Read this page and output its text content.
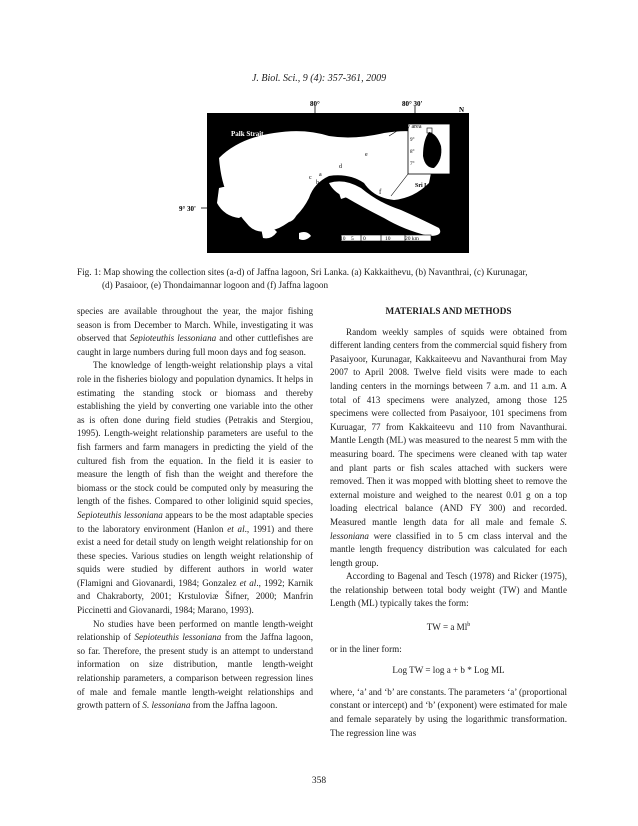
J. Biol. Sci., 9 (4): 357-361, 2009
80°	80° 30'
N
9° 30'
E	80° 81°
9°
8°
7°
Study area
Sri Lanka
Palk Strait
a
b
c
d
e
f
10 5 0	10	20 km
Fig. 1: Map showing the collection sites (a-d) of Jaffna lagoon, Sri Lanka. (a) Kakkaithevu, (b) Navanthrai, (c) Kurunagar,
(d) Pasaioor, (e) Thondaimannar logoon and (f) Jaffna lagoon

species are available throughout the year, the major fishing season is from December to March. While, investigating it was observed that Sepioteuthis lessoniana and other cuttlefishes are caught in large numbers during full moon days and fog season.

The knowledge of length-weight relationship plays a vital role in the fisheries biology and population dynamics. It helps in estimating the standing stock or biomass and thereby establishing the yield by converting one variable into the other as is often done during field studies (Petrakis and Stergiou, 1995). Length-weight relationship parameters are useful to the fish farmers and farm managers in predicting the yield of the cultured fish from the equation. In the field it is easier to measure the length of fish than the weight and therefore the biomass or the stock could be computed only by measuring the length of the fishes. Compared to other loliginid squid species, Sepioteuthis lessoniana appears to be the most adaptable species to the laboratory environment (Hanlon et al., 1991) and there exist a need for detail study on length weight relationship for on these species. Various studies on length weight relationship of squids were studied by different authors in world water (Flamigni and Giovanardi, 1984; Gonzalez et al., 1992; Karnik and Chakraborty, 2001; Krstuloviæ Šifner, 2000; Manfrin Piccinetti and Giovanardi, 1984; Marano, 1993).

No studies have been performed on mantle length-weight relationship of Sepioteuthis lessoniana from the Jaffna lagoon, so far. Therefore, the present study is an attempt to understand information on size distribution, mantle length-weight relationship parameters, a comparison between regression lines of male and female mantle length-weight relationships and growth pattern of S. lessoniana from the Jaffna lagoon.

MATERIALS AND METHODS

Random weekly samples of squids were obtained from different landing centers from the commercial squid fishery from Pasaiyoor, Kurunagar, Kakkaiteevu and Navanthurai from May 2007 to April 2008. Twelve field visits were made to each landing centers in the mornings between 7 a.m. and 11 a.m. A total of 413 specimens were analyzed, among those 125 specimens were collected from Pasaiyoor, 101 specimens from Kuruagar, 77 from Kakkaiteevu and 110 from Navanthurai. Mantle Length (ML) was measured to the nearest 5 mm with the measuring board. The specimens were cleaned with tap water and plant parts or fish scales attached with suckers were removed. Then it was mopped with blotting sheet to remove the external moisture and weighed to the nearest 0.01 g on a top loading electrical balance (AND FY 300) and recorded. Measured mantle length data for all male and female S. lessoniana were classified in to 5 cm class interval and the mantle length frequency distribution was calculated for each length group.

According to Bagenal and Tesch (1978) and Ricker (1975), the relationship between total body weight (TW) and Mantle Length (ML) typically takes the form:

TW = a Ml$^b$

or in the liner form:

Log TW = log a + b * Log ML

where, ‘a’ and ‘b’ are constants. The parameters ‘a’ (proportional constant or intercept) and ‘b’ (exponent) were estimated for male and female separately by using the logarithmic transformation. The regression line was

358
